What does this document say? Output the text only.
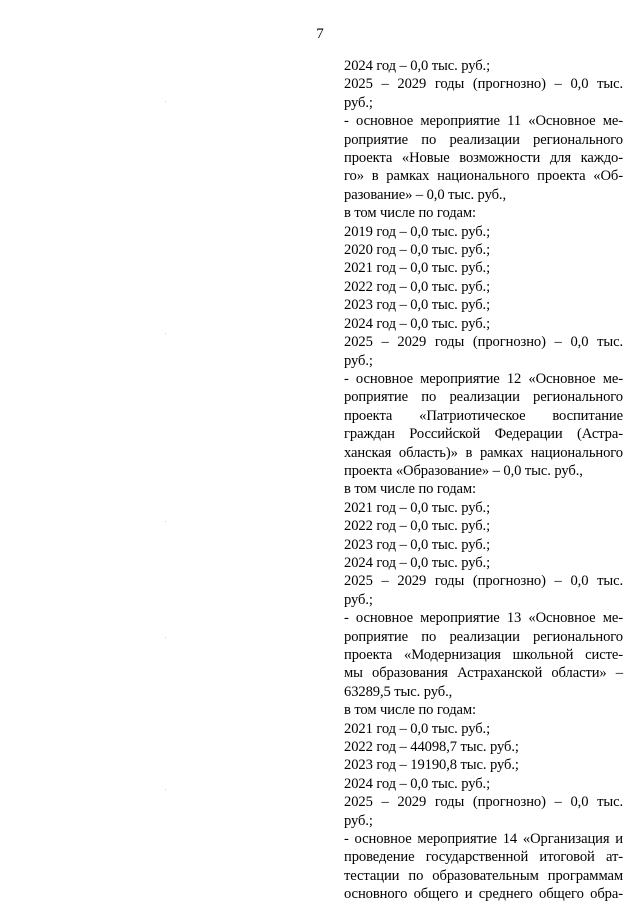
7
2024 год – 0,0 тыс. руб.;
2025 – 2029 годы (прогнозно) – 0,0 тыс.
руб.;
- основное мероприятие 11 «Основное ме-
роприятие по реализации регионального
проекта «Новые возможности для каждо-
го» в рамках национального проекта «Об-
разование» – 0,0 тыс. руб.,
в том числе по годам:
2019 год – 0,0 тыс. руб.;
2020 год – 0,0 тыс. руб.;
2021 год – 0,0 тыс. руб.;
2022 год – 0,0 тыс. руб.;
2023 год – 0,0 тыс. руб.;
2024 год – 0,0 тыс. руб.;
2025 – 2029 годы (прогнозно) – 0,0 тыс.
руб.;
- основное мероприятие 12 «Основное ме-
роприятие по реализации регионального
проекта «Патриотическое воспитание
граждан Российской Федерации (Астра-
ханская область)» в рамках национального
проекта «Образование» – 0,0 тыс. руб.,
в том числе по годам:
2021 год – 0,0 тыс. руб.;
2022 год – 0,0 тыс. руб.;
2023 год – 0,0 тыс. руб.;
2024 год – 0,0 тыс. руб.;
2025 – 2029 годы (прогнозно) – 0,0 тыс.
руб.;
- основное мероприятие 13 «Основное ме-
роприятие по реализации регионального
проекта «Модернизация школьной систе-
мы образования Астраханской области» –
63289,5 тыс. руб.,
в том числе по годам:
2021 год – 0,0 тыс. руб.;
2022 год – 44098,7 тыс. руб.;
2023 год – 19190,8 тыс. руб.;
2024 год – 0,0 тыс. руб.;
2025 – 2029 годы (прогнозно) – 0,0 тыс.
руб.;
- основное мероприятие 14 «Организация и
проведение государственной итоговой ат-
тестации по образовательным программам
основного общего и среднего общего обра-
